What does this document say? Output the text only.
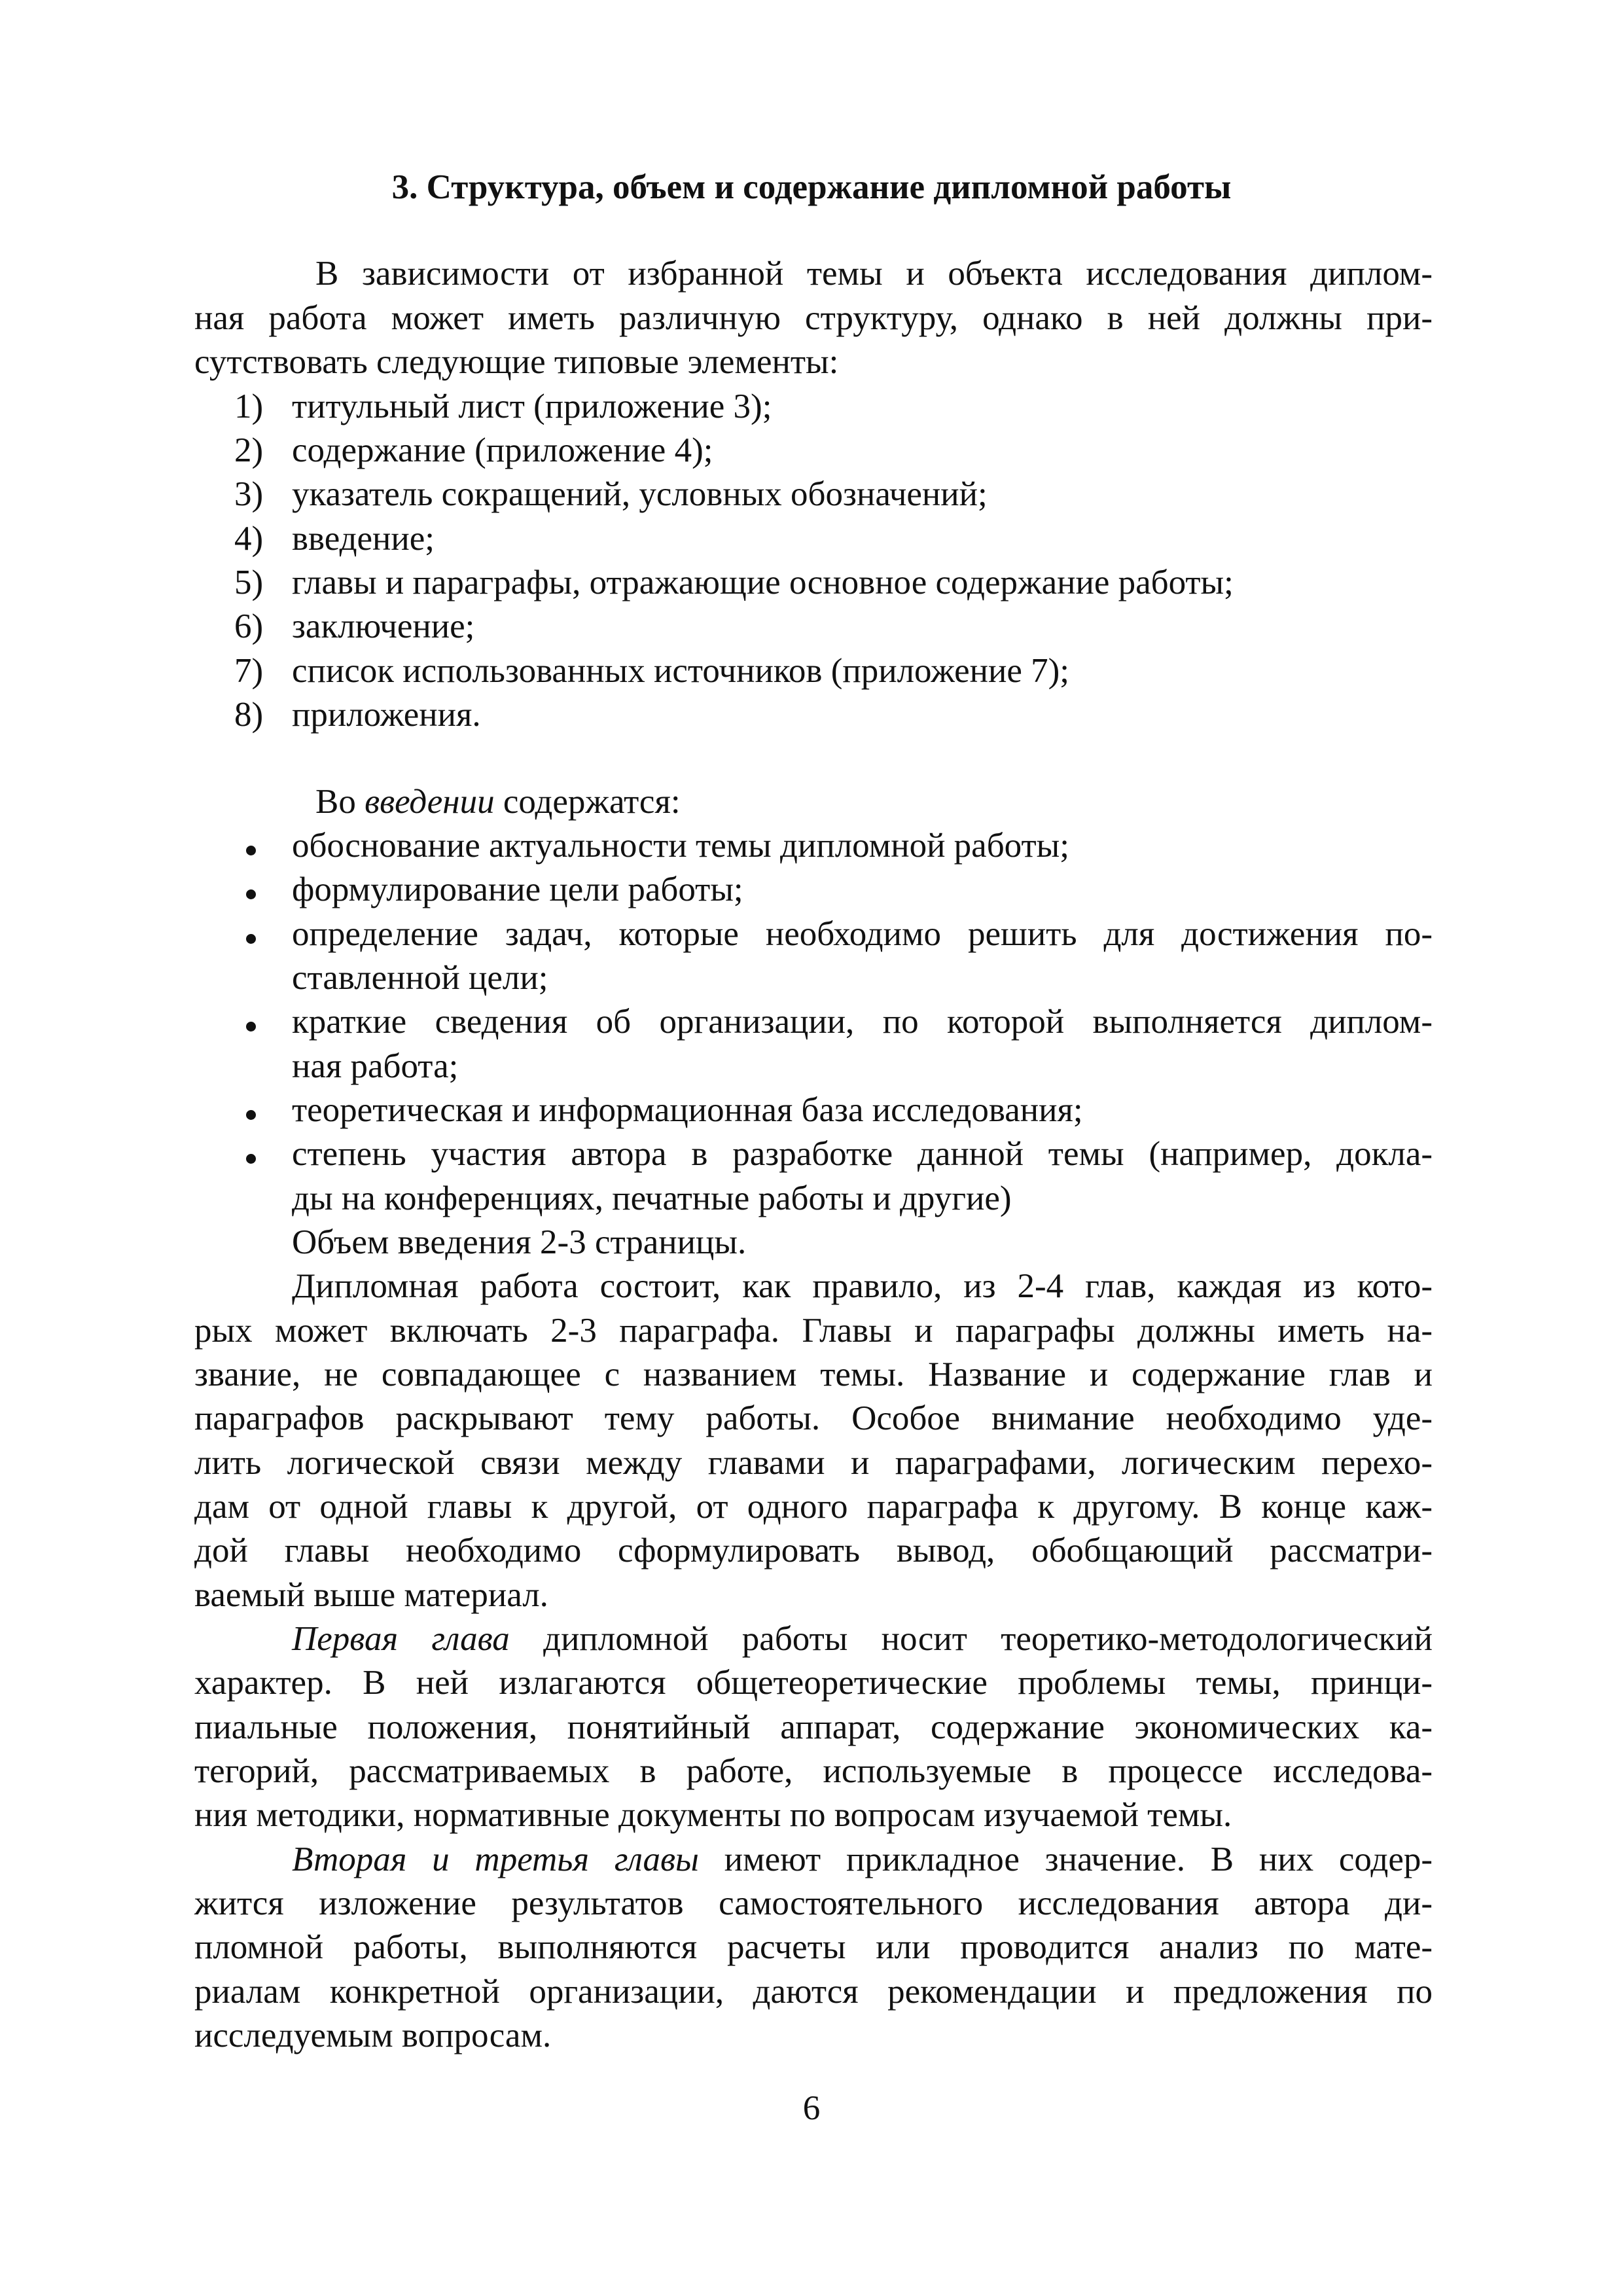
3. Структура, объем и содержание дипломной работы
В зависимости от избранной темы и объекта исследования диплом-
ная работа может иметь различную структуру, однако в ней должны при-
сутствовать следующие типовые элементы:
1) титульный лист (приложение 3);
2) содержание (приложение 4);
3) указатель сокращений, условных обозначений;
4) введение;
5) главы и параграфы, отражающие основное содержание работы;
6) заключение;
7) список использованных источников (приложение 7);
8) приложения.
Во введении содержатся:
обоснование актуальности темы дипломной работы;
формулирование цели работы;
определение задач, которые необходимо решить для достижения по-
ставленной цели;
краткие сведения об организации, по которой выполняется диплом-
ная работа;
теоретическая и информационная база исследования;
степень участия автора в разработке данной темы (например, докла-
ды на конференциях, печатные работы и другие)
Объем введения 2-3 страницы.
Дипломная работа состоит, как правило, из 2-4 глав, каждая из кото-
рых может включать 2-3 параграфа. Главы и параграфы должны иметь на-
звание, не совпадающее с названием темы. Название и содержание глав и
параграфов раскрывают тему работы. Особое внимание необходимо уде-
лить логической связи между главами и параграфами, логическим перехо-
дам от одной главы к другой, от одного параграфа к другому. В конце каж-
дой главы необходимо сформулировать вывод, обобщающий рассматри-
ваемый выше материал.
Первая глава дипломной работы носит теоретико-методологический
характер. В ней излагаются общетеоретические проблемы темы, принци-
пиальные положения, понятийный аппарат, содержание экономических ка-
тегорий, рассматриваемых в работе, используемые в процессе исследова-
ния методики, нормативные документы по вопросам изучаемой темы.
Вторая и третья главы имеют прикладное значение. В них содер-
жится изложение результатов самостоятельного исследования автора ди-
пломной работы, выполняются расчеты или проводится анализ по мате-
риалам конкретной организации, даются рекомендации и предложения по
исследуемым вопросам.
6
